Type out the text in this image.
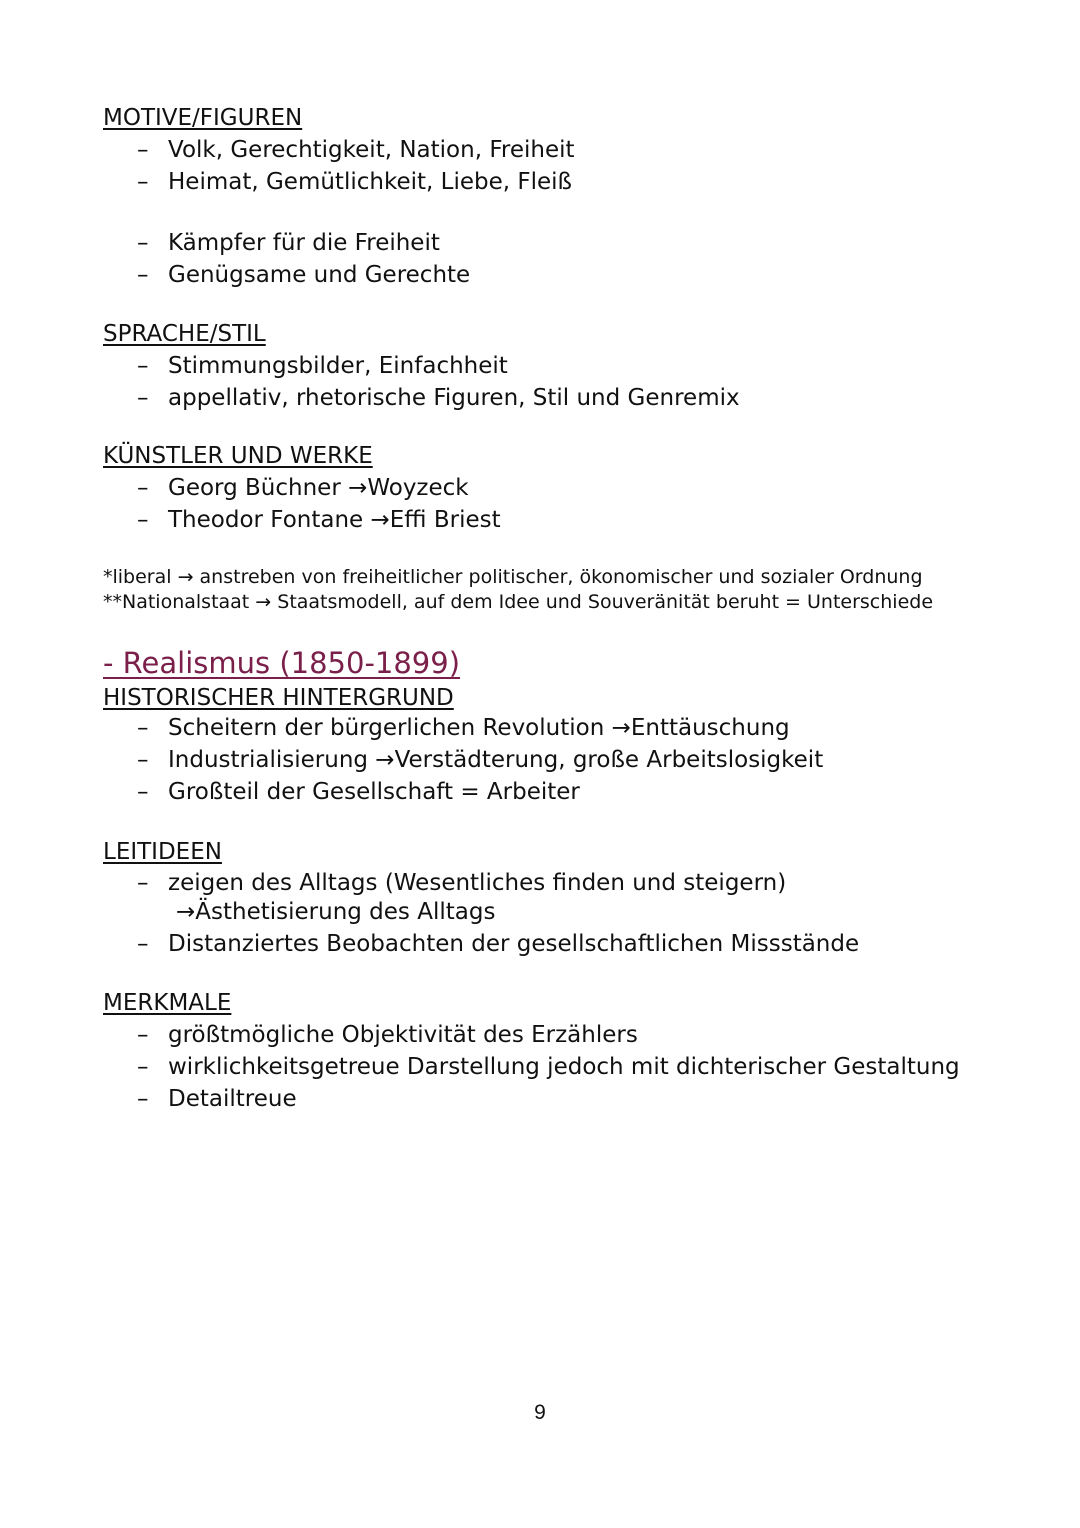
MOTIVE/FIGUREN
– Volk, Gerechtigkeit, Nation, Freiheit
– Heimat, Gemütlichkeit, Liebe, Fleiß
– Kämpfer für die Freiheit
– Genügsame und Gerechte
SPRACHE/STIL
– Stimmungsbilder, Einfachheit
– appellativ, rhetorische Figuren, Stil und Genremix
KÜNSTLER UND WERKE
– Georg Büchner →Woyzeck
– Theodor Fontane →Effi Briest
*liberal → anstreben von freiheitlicher politischer, ökonomischer und sozialer Ordnung
**Nationalstaat → Staatsmodell, auf dem Idee und Souveränität beruht = Unterschiede
- Realismus (1850-1899)
HISTORISCHER HINTERGRUND
– Scheitern der bürgerlichen Revolution →Enttäuschung
– Industrialisierung →Verstädterung, große Arbeitslosigkeit
– Großteil der Gesellschaft = Arbeiter
LEITIDEEN
– zeigen des Alltags (Wesentliches finden und steigern)
→Ästhetisierung des Alltags
– Distanziertes Beobachten der gesellschaftlichen Missstände
MERKMALE
– größtmögliche Objektivität des Erzählers
– wirklichkeitsgetreue Darstellung jedoch mit dichterischer Gestaltung
– Detailtreue
9
